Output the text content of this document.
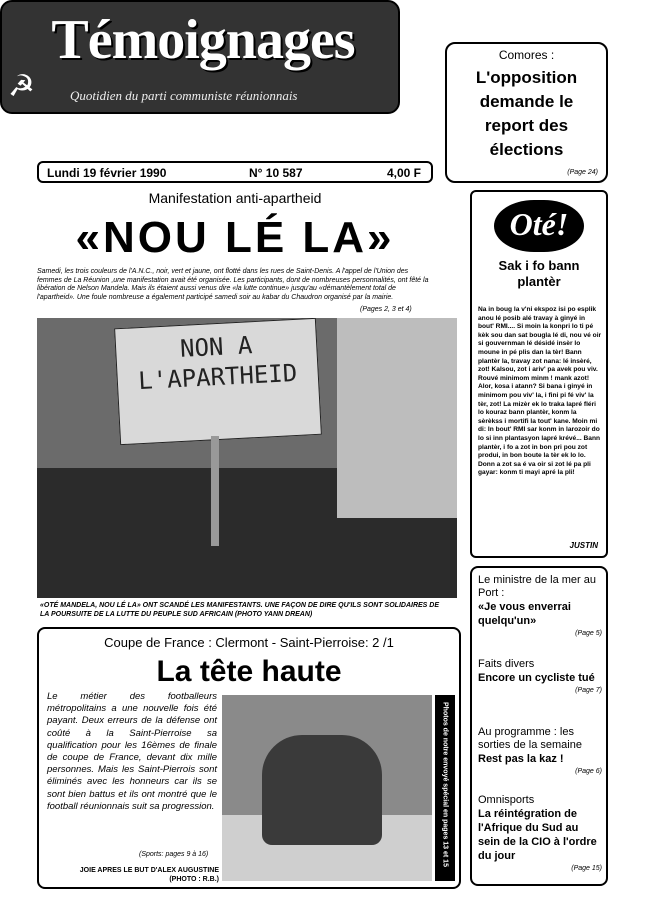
Témoignages
☭	Quotidien du parti communiste réunionnais
Lundi 19 février 1990	N° 10 587	4,00 F
Comores :
L'opposition demande le report des élections
(Page 24)
Manifestation anti-apartheid
«NOU LÉ LA»
Samedi, les trois couleurs de l'A.N.C., noir, vert et jaune, ont flotté dans les rues de Saint-Denis. A l'appel de l'Union des femmes de La Réunion ,une manifestation avait été organisée. Les participants, dont de nombreuses personnalités, ont fêté la libération de Nelson Mandela. Mais ils étaient aussi venus dire «la lutte continue» jusqu'au «démantèlement total de l'apartheid». Une foule nombreuse a également participé samedi soir au kabar du Chaudron organisé par la mairie.
(Pages 2, 3 et 4)
NON A L'APARTHEID
«OTÉ MANDELA, NOU LÉ LA» ONT SCANDÉ LES MANIFESTANTS. UNE FAÇON DE DIRE QU'ILS SONT SOLIDAIRES DE LA POURSUITE DE LA LUTTE DU PEUPLE SUD AFRICAIN (PHOTO YANN DREAN)
Oté!
Sak i fo bann plantèr
Na in boug la v'ni ekspoz isi po esplik anou lé posib alé travay à ginyé in bout' RMI.... Si moin la konpri lo ti pé kèk sou dan sat bougla lé di, nou vé oir si gouvernman lé désidé insèr lo moune in pé plis dan la tèr! Bann plantèr la, travay zot nana: lé insèré, zot! Kalsou, zot i ariv' pa avek pou viv. Rouvé minimom minm ! mank azot! Alor, kosa i atann? Si bana i ginyé in minimom pou viv' la, i fini pi fé viv' la tèr, zot! La mizèr ek lo traka lapré fléri lo kouraz bann plantèr, konm la sèrèkss i mortifi la tout' kane. Moin mi di: In bout' RMI sar konm in larozoir do lo si inn plantasyon lapré krévé... Bann plantèr, i fo a zot in bon pri pou zot produi, in bon boute la tèr ek lo lo. Donn a zot sa é va oir si zot lé pa pli gayar: konm ti mayi apré la pli!
JUSTIN
Le ministre de la mer au Port :
«Je vous enverrai quelqu'un»
(Page 5)
Faits divers
Encore un cycliste tué
(Page 7)
Au programme : les sorties de la semaine
Rest pas la kaz !
(Page 6)
Omnisports
La réintégration de l'Afrique du Sud au sein de la CIO à l'ordre du jour
(Page 15)
Coupe de France : Clermont - Saint-Pierroise: 2 /1
La tête haute
Le métier des footballeurs métropolitains a une nouvelle fois été payant. Deux erreurs de la défense ont coûté à la Saint-Pierroise sa qualification pour les 16èmes de finale de coupe de France, devant dix mille personnes. Mais les Saint-Pierrois sont éliminés avec les honneurs car ils se sont bien battus et ils ont montré que le football réunionnais suit sa progression.
(Sports: pages 9 à 16)
JOIE APRES LE BUT D'ALEX AUGUSTINE
(PHOTO : R.B.)
Photos de notre envoyé spécial en pages 13 et 15
